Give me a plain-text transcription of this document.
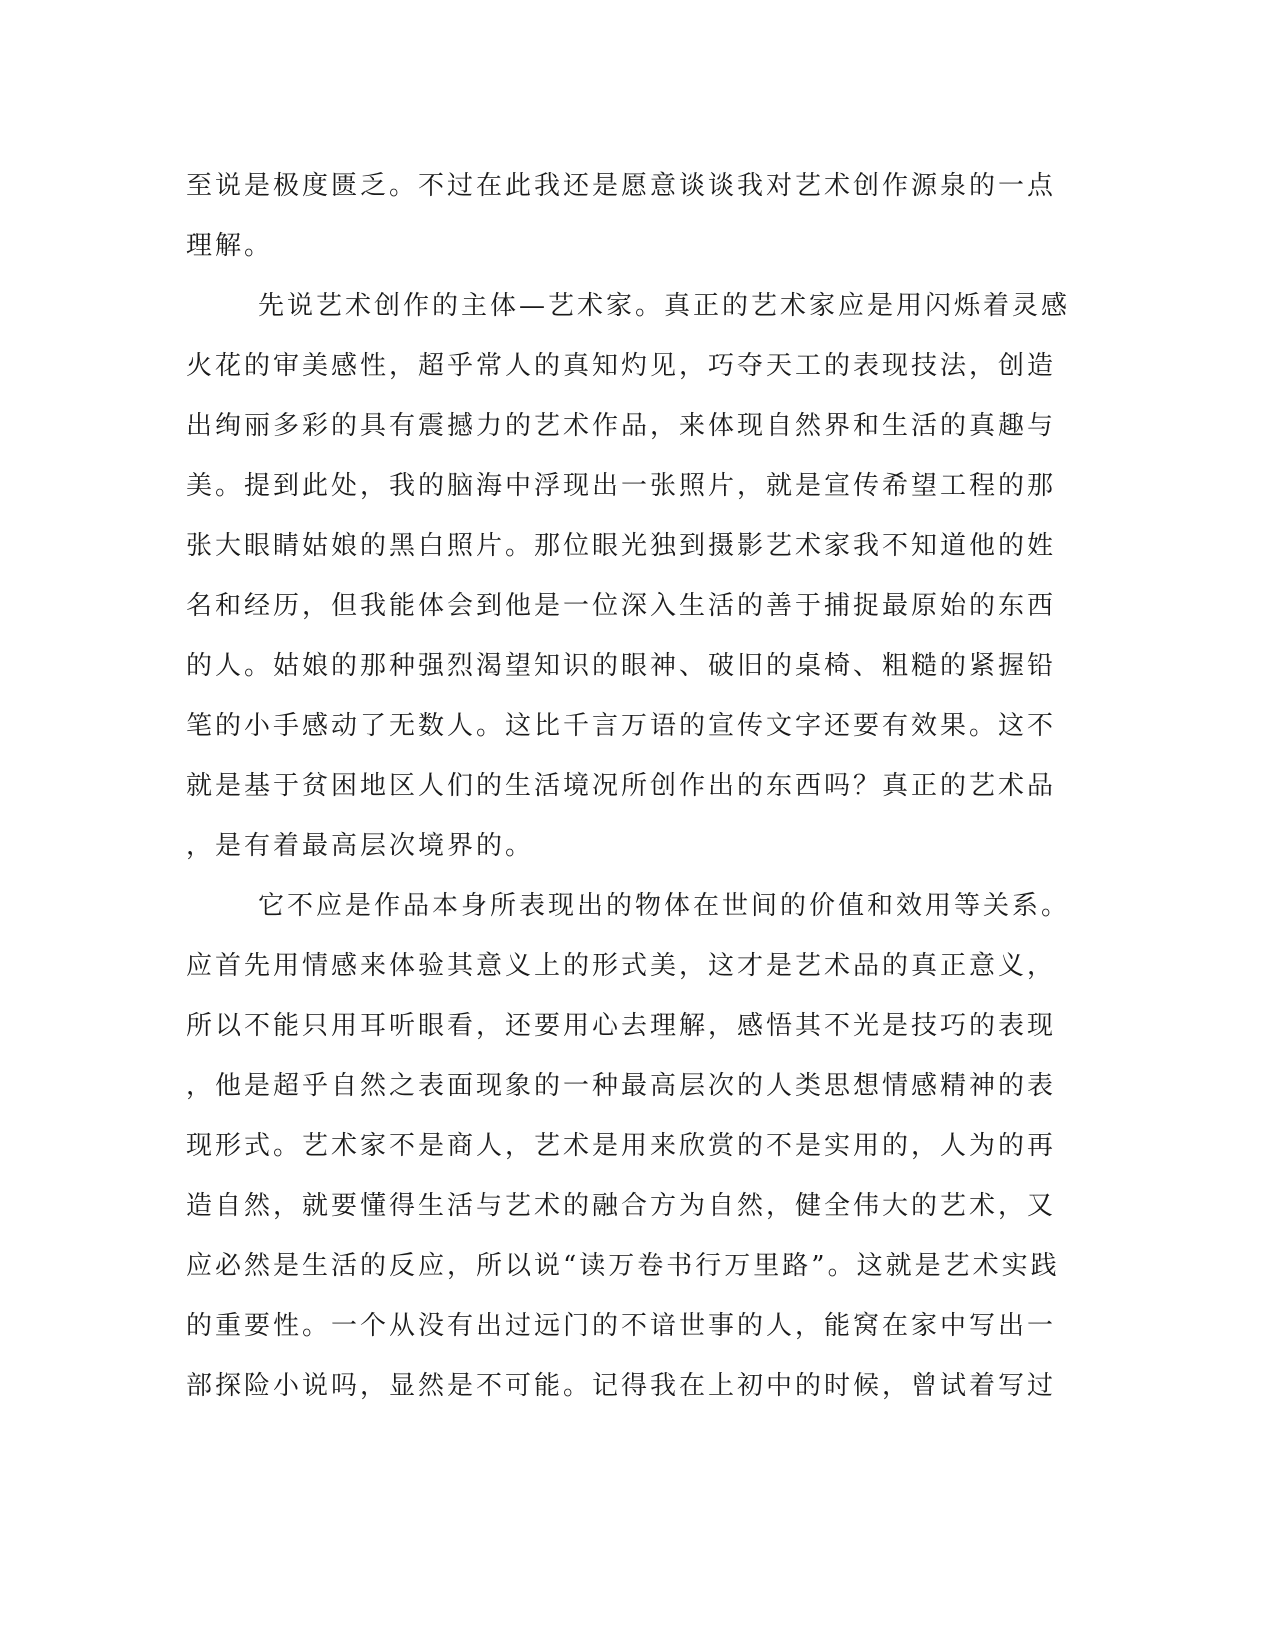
至说是极度匮乏。不过在此我还是愿意谈谈我对艺术创作源泉的一点
理解。
先说艺术创作的主体—艺术家。真正的艺术家应是用闪烁着灵感
火花的审美感性，超乎常人的真知灼见，巧夺天工的表现技法，创造
出绚丽多彩的具有震撼力的艺术作品，来体现自然界和生活的真趣与
美。提到此处，我的脑海中浮现出一张照片，就是宣传希望工程的那
张大眼睛姑娘的黑白照片。那位眼光独到摄影艺术家我不知道他的姓
名和经历，但我能体会到他是一位深入生活的善于捕捉最原始的东西
的人。姑娘的那种强烈渴望知识的眼神、破旧的桌椅、粗糙的紧握铅
笔的小手感动了无数人。这比千言万语的宣传文字还要有效果。这不
就是基于贫困地区人们的生活境况所创作出的东西吗？真正的艺术品
，是有着最高层次境界的。
它不应是作品本身所表现出的物体在世间的价值和效用等关系。
应首先用情感来体验其意义上的形式美，这才是艺术品的真正意义，
所以不能只用耳听眼看，还要用心去理解，感悟其不光是技巧的表现
，他是超乎自然之表面现象的一种最高层次的人类思想情感精神的表
现形式。艺术家不是商人，艺术是用来欣赏的不是实用的，人为的再
造自然，就要懂得生活与艺术的融合方为自然，健全伟大的艺术，又
应必然是生活的反应，所以说“读万卷书行万里路”。这就是艺术实践
的重要性。一个从没有出过远门的不谙世事的人，能窝在家中写出一
部探险小说吗，显然是不可能。记得我在上初中的时候，曾试着写过
